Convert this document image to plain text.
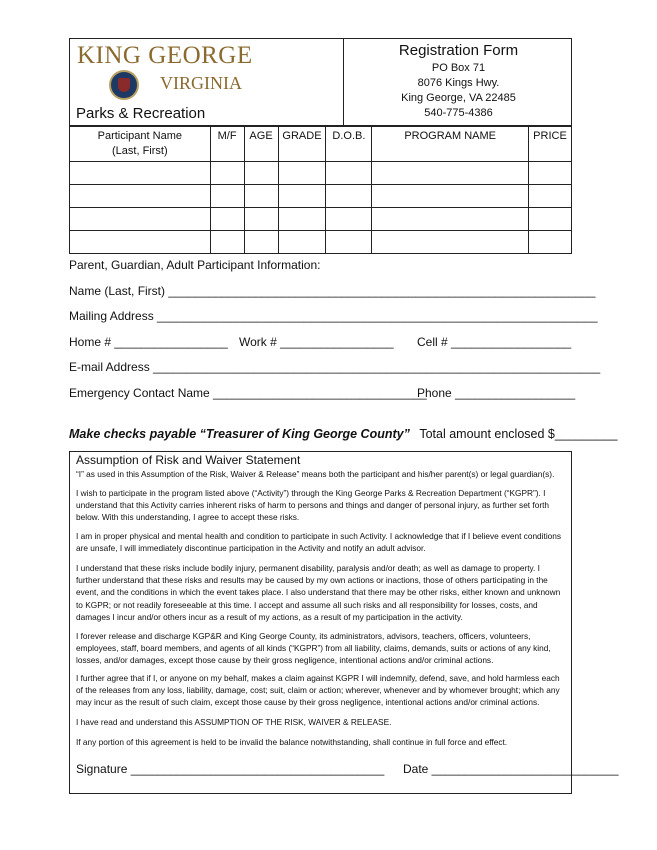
KING GEORGE
VIRGINIA
Parks & Recreation
Registration Form
PO Box 71
8076 Kings Hwy.
King George, VA 22485
540-775-4386
Participant Name
(Last, First)	M/F	AGE	GRADE	D.O.B.	PROGRAM NAME	PRICE

Parent, Guardian, Adult Participant Information:
Name (Last, First) ________________________________________________________________
Mailing Address __________________________________________________________________
Home # _________________ Work # _________________ Cell # __________________
E-mail Address ___________________________________________________________________
Emergency Contact Name ________________________________
Phone __________________
Make checks payable “Treasurer of King George County” Total amount enclosed $_________
Assumption of Risk and Waiver Statement
“I” as used in this Assumption of the Risk, Waiver & Release” means both the participant and his/her parent(s) or legal guardian(s).
I wish to participate in the program listed above (“Activity”) through the King George Parks & Recreation Department (“KGPR”). I understand that this Activity carries inherent risks of harm to persons and things and danger of personal injury, as further set forth below. With this understanding, I agree to accept these risks.
I am in proper physical and mental health and condition to participate in such Activity. I acknowledge that if I believe event conditions are unsafe, I will immediately discontinue participation in the Activity and notify an adult advisor.
I understand that these risks include bodily injury, permanent disability, paralysis and/or death; as well as damage to property. I further understand that these risks and results may be caused by my own actions or inactions, those of others participating in the event, and the conditions in which the event takes place. I also understand that there may be other risks, either known and unknown to KGPR; or not readily foreseeable at this time. I accept and assume all such risks and all responsibility for losses, costs, and damages I incur and/or others incur as a result of my actions, as a result of my participation in the activity.
I forever release and discharge KGP&R and King George County, its administrators, advisors, teachers, officers, volunteers, employees, staff, board members, and agents of all kinds (“KGPR”) from all liability, claims, demands, suits or actions of any kind, losses, and/or damages, except those cause by their gross negligence, intentional actions and/or criminal actions.
I further agree that if I, or anyone on my behalf, makes a claim against KGPR I will indemnify, defend, save, and hold harmless each of the releases from any loss, liability, damage, cost; suit, claim or action; wherever, whenever and by whomever brought; which any may incur as the result of such claim, except those cause by their gross negligence, intentional actions and/or criminal actions.
I have read and understand this ASSUMPTION OF THE RISK, WAIVER & RELEASE.
If any portion of this agreement is held to be invalid the balance notwithstanding, shall continue in full force and effect.
Signature ______________________________________ Date ____________________________
